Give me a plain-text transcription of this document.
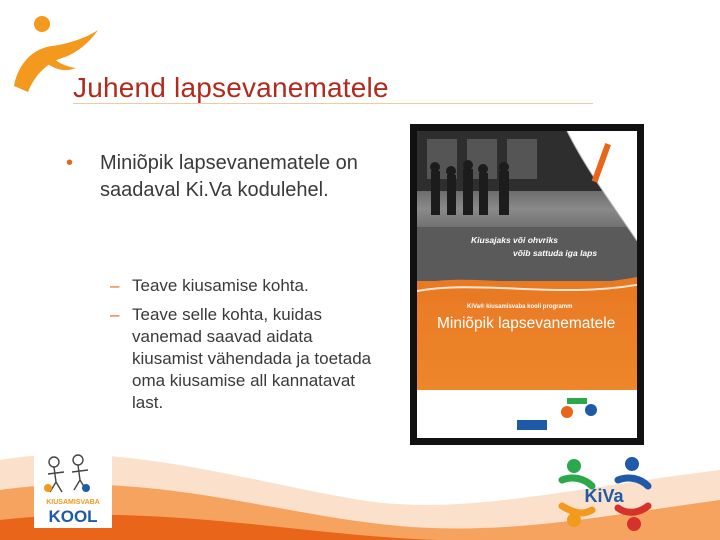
Juhend lapsevanematele
•	Miniõpik lapsevanematele on saadaval Ki.Va kodulehel.
– Teave kiusamise kohta.
– Teave selle kohta, kuidas vanemad saavad aidata kiusamist vähendada ja toetada oma kiusamise all kannatavat last.
Kiusajaks või ohvriks
võib sattuda iga laps
KiVa® kiusamisvaba kooli programm
Miniõpik lapsevanematele
KIUSAMISVABA
KOOL
KiVa
